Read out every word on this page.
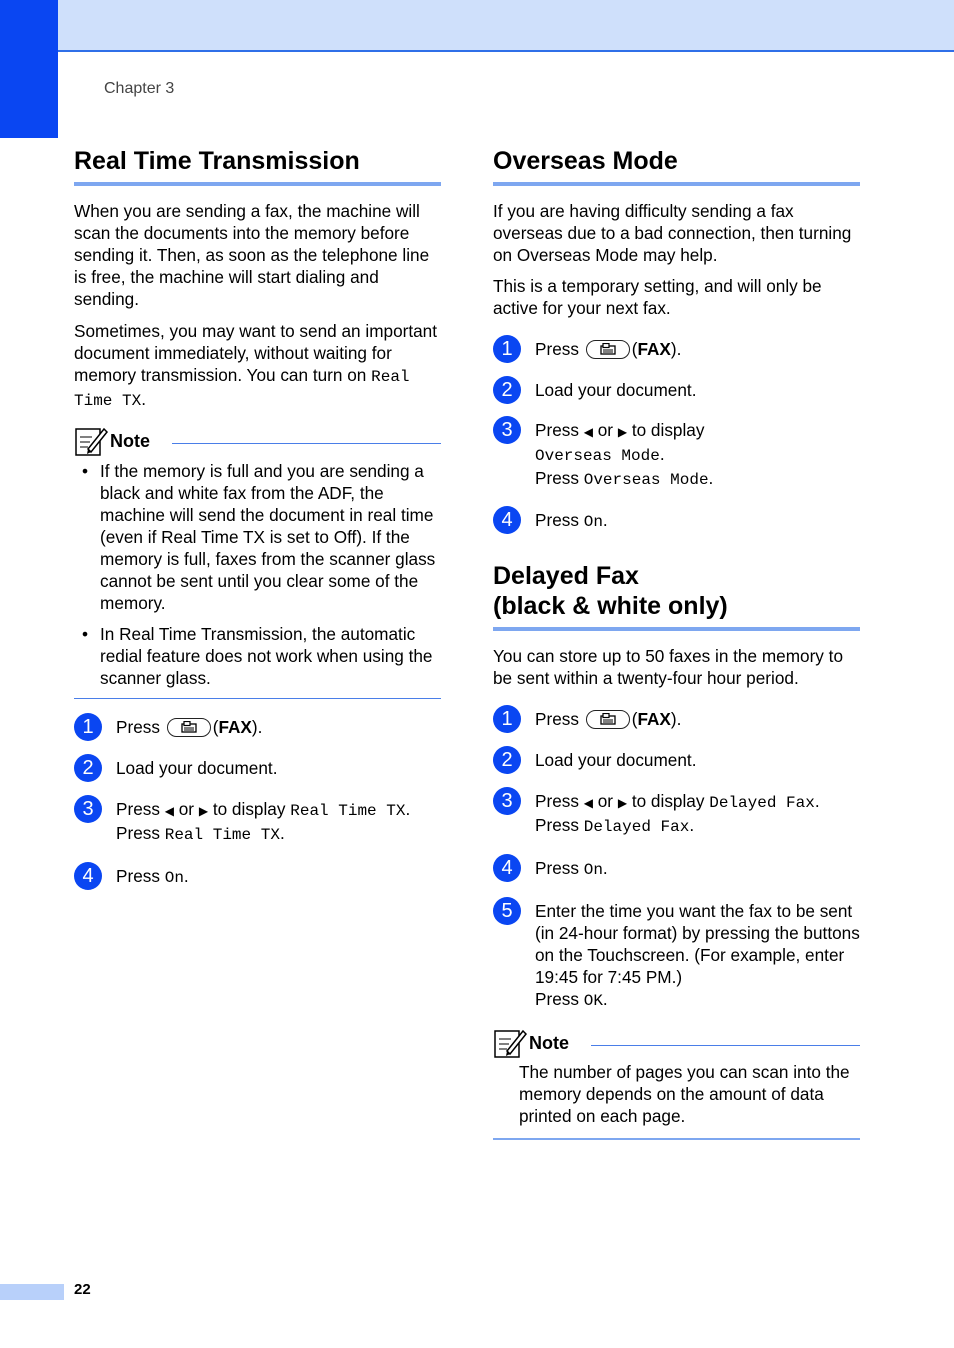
Chapter 3
Real Time Transmission

When you are sending a fax, the machine will scan the documents into the memory before sending it. Then, as soon as the telephone line is free, the machine will start dialing and sending.

Sometimes, you may want to send an important document immediately, without waiting for memory transmission. You can turn on Real Time TX.

Note
• If the memory is full and you are sending a black and white fax from the ADF, the machine will send the document in real time (even if Real Time TX is set to Off). If the memory is full, faxes from the scanner glass cannot be sent until you clear some of the memory.
• In Real Time Transmission, the automatic redial feature does not work when using the scanner glass.
1	Press	(FAX).
2	Load your document.
3	Press ◀ or ▶ to display Real Time TX.
Press Real Time TX.
4	Press On.
Overseas Mode

If you are having difficulty sending a fax overseas due to a bad connection, then turning on Overseas Mode may help.

This is a temporary setting, and will only be active for your next fax.

1	Press	(FAX).
2	Load your document.
3	Press ◀ or ▶ to display
Overseas Mode.
Press Overseas Mode.
4	Press On.
Delayed Fax
(black & white only)

You can store up to 50 faxes in the memory to be sent within a twenty-four hour period.

1	Press	(FAX).
2	Load your document.
3	Press ◀ or ▶ to display Delayed Fax.
Press Delayed Fax.
4	Press On.
5	Enter the time you want the fax to be sent (in 24-hour format) by pressing the buttons on the Touchscreen. (For example, enter 19:45 for 7:45 PM.)
Press OK.
Note

The number of pages you can scan into the memory depends on the amount of data printed on each page.

22
